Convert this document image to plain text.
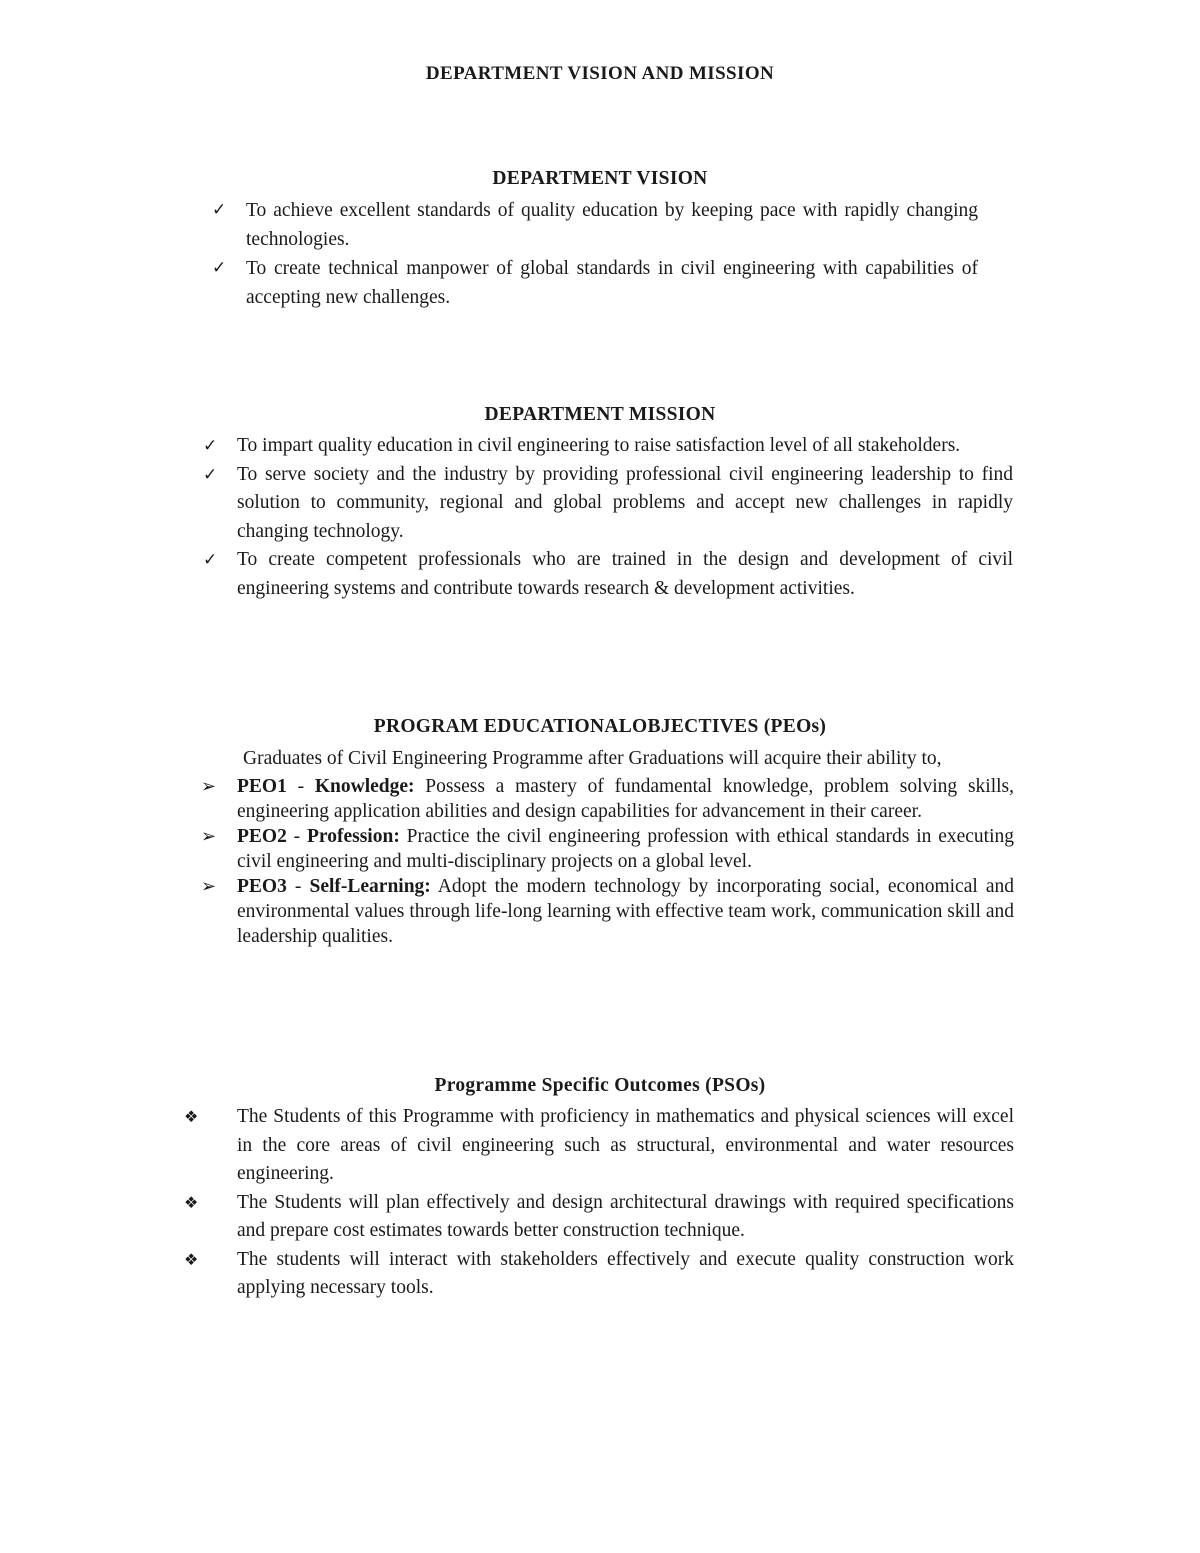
DEPARTMENT VISION AND MISSION
DEPARTMENT VISION
✓ To achieve excellent standards of quality education by keeping pace with rapidly changing technologies.
✓ To create technical manpower of global standards in civil engineering with capabilities of accepting new challenges.
DEPARTMENT MISSION
✓ To impart quality education in civil engineering to raise satisfaction level of all stakeholders.
✓ To serve society and the industry by providing professional civil engineering leadership to find solution to community, regional and global problems and accept new challenges in rapidly changing technology.
✓ To create competent professionals who are trained in the design and development of civil engineering systems and contribute towards research & development activities.
PROGRAM EDUCATIONALOBJECTIVES (PEOs)

Graduates of Civil Engineering Programme after Graduations will acquire their ability to,

➢ PEO1 - Knowledge: Possess a mastery of fundamental knowledge, problem solving skills, engineering application abilities and design capabilities for advancement in their career.
➢ PEO2 - Profession: Practice the civil engineering profession with ethical standards in executing civil engineering and multi-disciplinary projects on a global level.
➢ PEO3 - Self-Learning: Adopt the modern technology by incorporating social, economical and environmental values through life-long learning with effective team work, communication skill and leadership qualities.
Programme Specific Outcomes (PSOs)
❖ The Students of this Programme with proficiency in mathematics and physical sciences will excel in the core areas of civil engineering such as structural, environmental and water resources engineering.
❖ The Students will plan effectively and design architectural drawings with required specifications and prepare cost estimates towards better construction technique.
❖ The students will interact with stakeholders effectively and execute quality construction work applying necessary tools.
